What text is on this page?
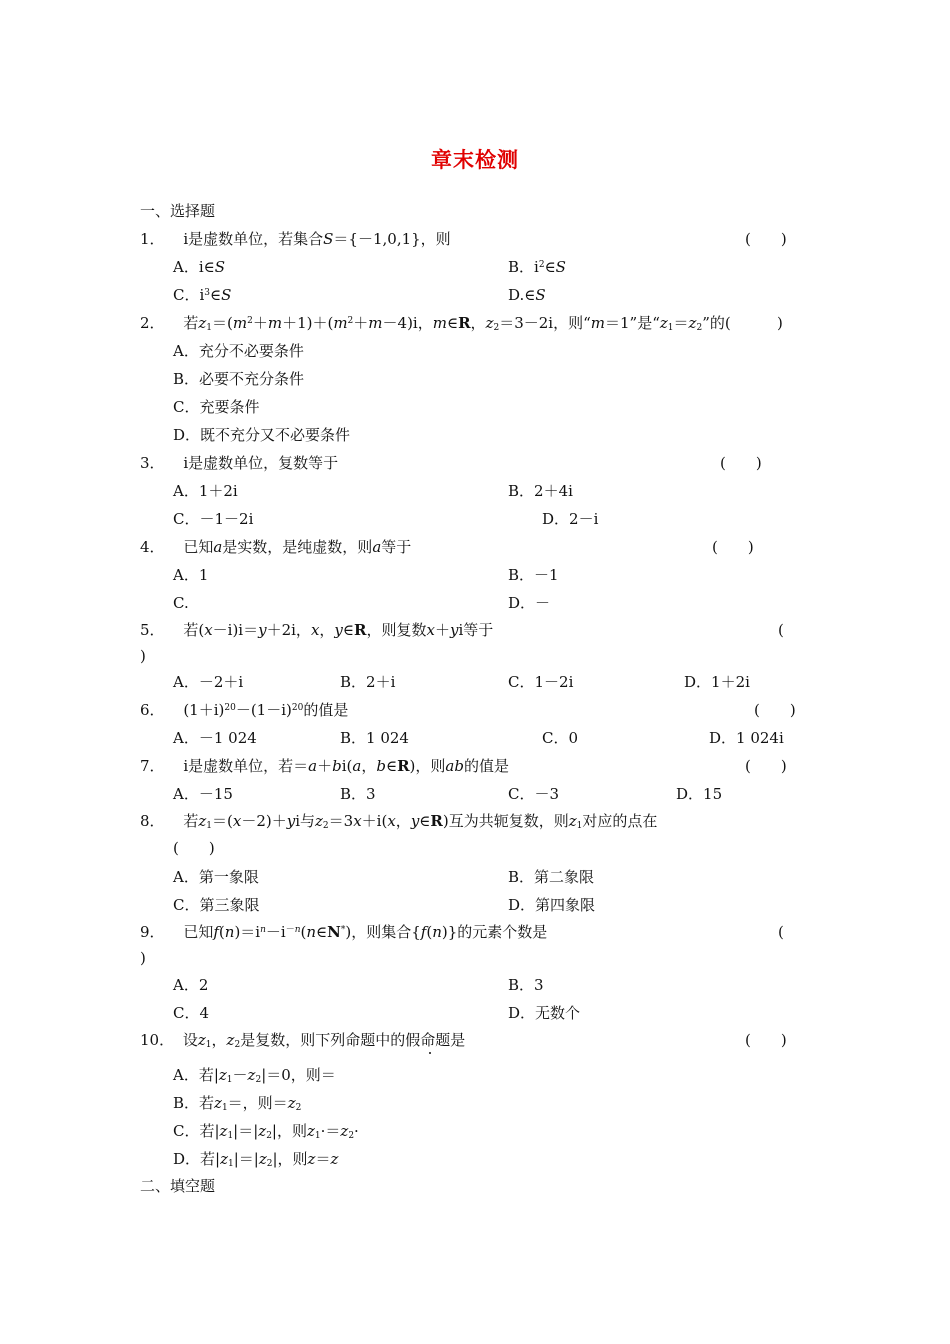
章末检测
一、选择题
1． i是虚数单位，若集合S＝{－1,0,1}，则	(　　)
A．i∈S	B．$i^2\in S$
C．$i^3\in S$	D.∈S
2． 若$z_1=(m^2+m+1)+(m^2+m-4)i$，m∈R，$z_2=3-2i$，则“m＝1”是“$z_1=z_2$”的(	)
A．充分不必要条件
B．必要不充分条件
C．充要条件
D．既不充分又不必要条件
3． i是虚数单位，复数等于	(　　)
A．1＋2i	B．2＋4i
C．－1－2i	D．2－i
4． 已知a是实数，是纯虚数，则a等于	(　　)
A．1	B．－1
C.	D．－
5． 若(x－i)i＝y＋2i，x，y∈R，则复数x＋yi等于	(
)
A．－2＋i	B．2＋i	C．1－2i	D．1＋2i
6． $(1+i)^{20}-(1-i)^{20}$的值是	(　　)
A．－1 024	B．1 024	C．0	D．1 024i
7． i是虚数单位，若＝a＋bi(a，b∈R)，则ab的值是	(　　)
A．－15	B．3	C．－3	D．15
8． 若$z_1=(x-2)+yi$与$z_2=3x+i(x$，y∈R)互为共轭复数，则$z_1$对应的点在
(　　)
A．第一象限	B．第二象限
C．第三象限	D．第四象限
9． 已知$f(n)=i^n-i^{-n}(n\in N^*)$，则集合{f(n)}的元素个数是	(
)
A．2	B．3
C．4	D．无数个
10． 设$z_1$，$z_2$是复数，则下列命题中的假命题是	(　　)
A．若$|z_1-z_2|=0$，则＝
B．若$z_1=$，则$=z_2$
C．若$|z_1|=|z_2|$，则$z_1\cdot=z_2\cdot$
D．若$|z_1|=|z_2|$，则z＝z
二、填空题
